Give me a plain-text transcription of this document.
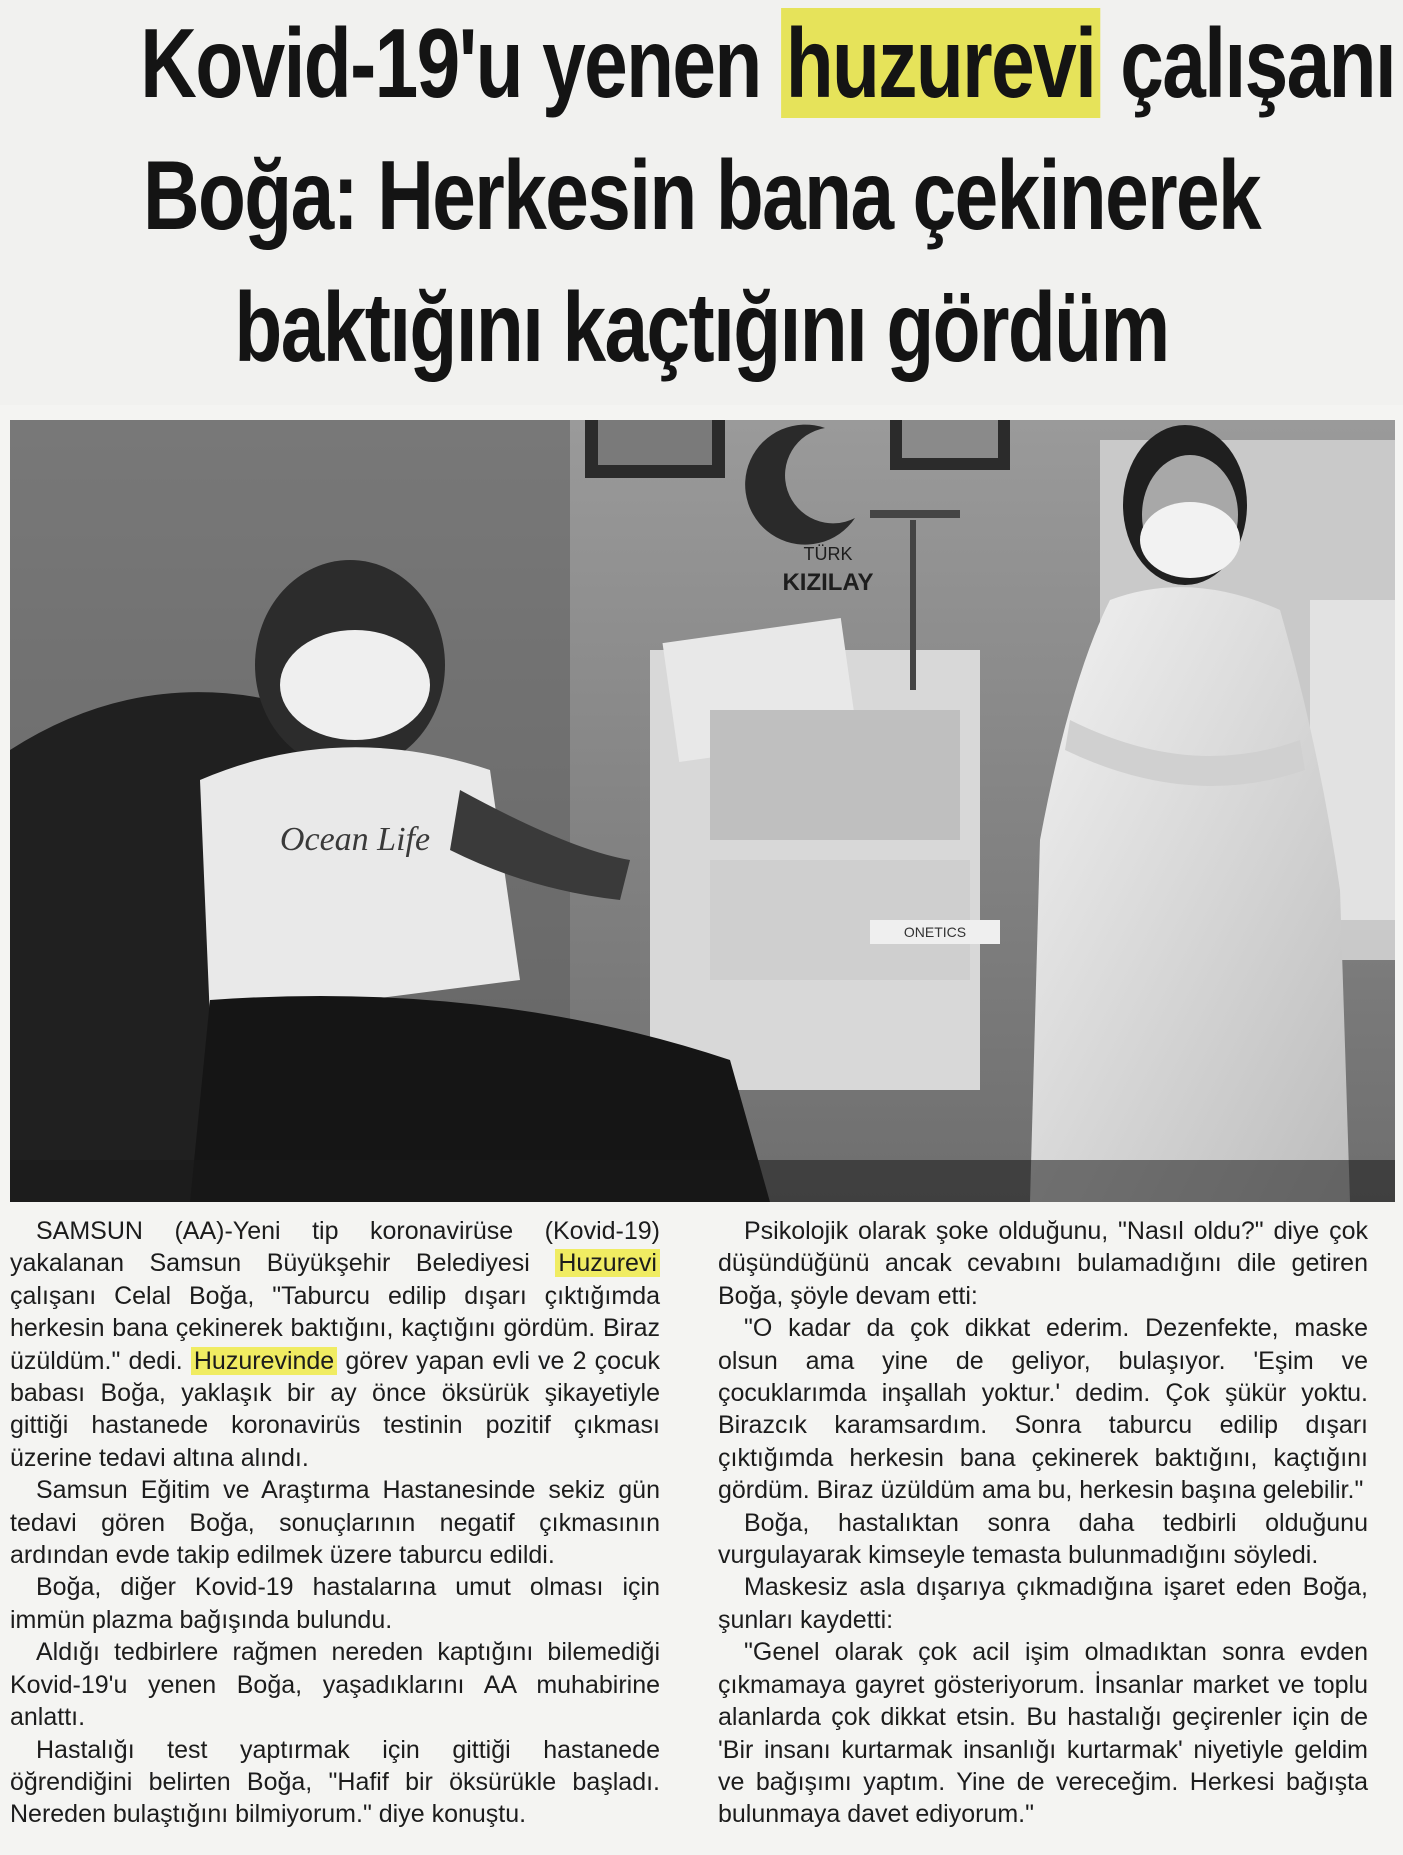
Kovid-19'u yenen huzurevi çalışanı
Boğa: Herkesin bana çekinerek
baktığını kaçtığını gördüm
TÜRK
KIZILAY
ONETICS
Ocean Life

SAMSUN (AA)-Yeni tip koronavirüse (Kovid-19) yakalanan Samsun Büyükşehir Belediyesi Huzurevi çalışanı Celal Boğa, "Taburcu edilip dışarı çıktığımda herkesin bana çekinerek baktığını, kaçtığını gördüm. Biraz üzüldüm." dedi. Huzurevinde görev yapan evli ve 2 çocuk babası Boğa, yaklaşık bir ay önce öksürük şikayetiyle gittiği hastanede koronavirüs testinin pozitif çıkması üzerine tedavi altına alındı.

Samsun Eğitim ve Araştırma Hastanesinde sekiz gün tedavi gören Boğa, sonuçlarının negatif çıkmasının ardından evde takip edilmek üzere taburcu edildi.

Boğa, diğer Kovid-19 hastalarına umut olması için immün plazma bağışında bulundu.

Aldığı tedbirlere rağmen nereden kaptığını bilemediği Kovid-19'u yenen Boğa, yaşadıklarını AA muhabirine anlattı.

Hastalığı test yaptırmak için gittiği hastanede öğrendiğini belirten Boğa, "Hafif bir öksürükle başladı. Nereden bulaştığını bilmiyorum." diye konuştu.

Psikolojik olarak şoke olduğunu, "Nasıl oldu?" diye çok düşündüğünü ancak cevabını bulamadığını dile getiren Boğa, şöyle devam etti:

"O kadar da çok dikkat ederim. Dezenfekte, maske olsun ama yine de geliyor, bulaşıyor. 'Eşim ve çocuklarımda inşallah yoktur.' dedim. Çok şükür yoktu. Birazcık karamsardım. Sonra taburcu edilip dışarı çıktığımda herkesin bana çekinerek baktığını, kaçtığını gördüm. Biraz üzüldüm ama bu, herkesin başına gelebilir."

Boğa, hastalıktan sonra daha tedbirli olduğunu vurgulayarak kimseyle temasta bulunmadığını söyledi.

Maskesiz asla dışarıya çıkmadığına işaret eden Boğa, şunları kaydetti:

"Genel olarak çok acil işim olmadıktan sonra evden çıkmamaya gayret gösteriyorum. İnsanlar market ve toplu alanlarda çok dikkat etsin. Bu hastalığı geçirenler için de 'Bir insanı kurtarmak insanlığı kurtarmak' niyetiyle geldim ve bağışımı yaptım. Yine de vereceğim. Herkesi bağışta bulunmaya davet ediyorum."
